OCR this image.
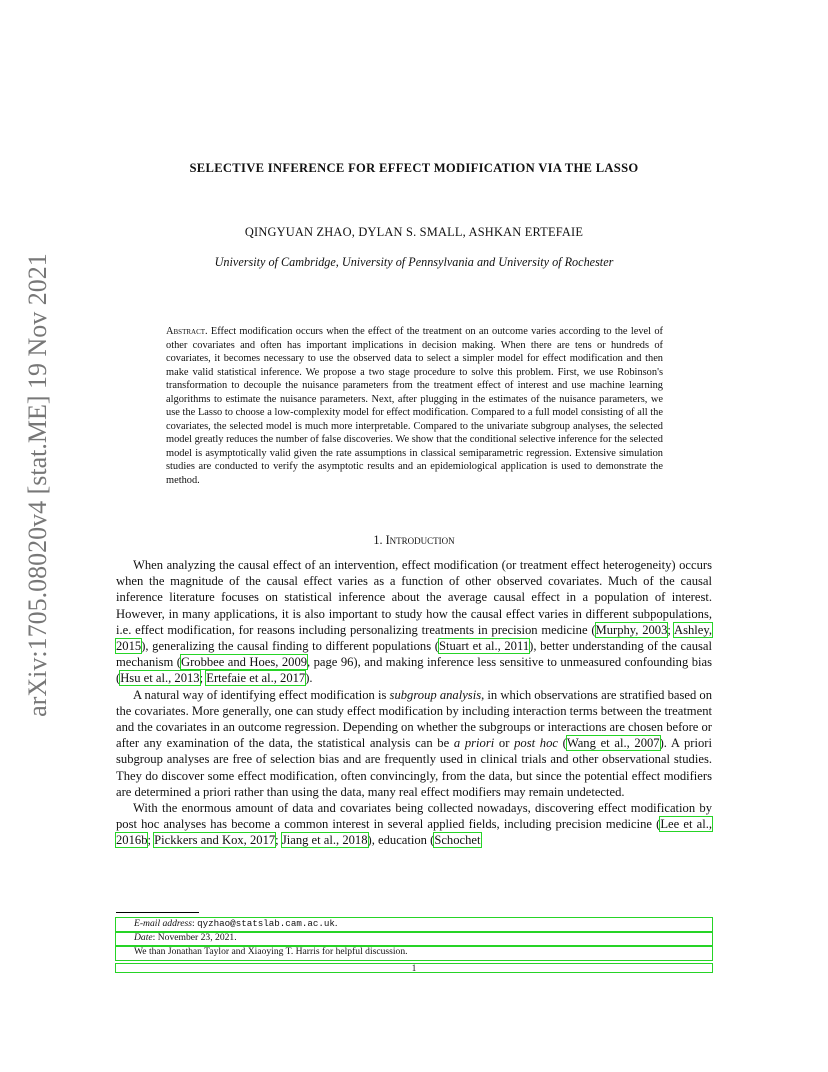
arXiv:1705.08020v4 [stat.ME] 19 Nov 2021
SELECTIVE INFERENCE FOR EFFECT MODIFICATION VIA THE LASSO
QINGYUAN ZHAO, DYLAN S. SMALL, ASHKAN ERTEFAIE
University of Cambridge, University of Pennsylvania and University of Rochester
Abstract. Effect modification occurs when the effect of the treatment on an outcome varies according to the level of other covariates and often has important implications in decision making. When there are tens or hundreds of covariates, it becomes necessary to use the observed data to select a simpler model for effect modification and then make valid statistical inference. We propose a two stage procedure to solve this problem. First, we use Robinson's transformation to decouple the nuisance parameters from the treatment effect of interest and use machine learning algorithms to estimate the nuisance parameters. Next, after plugging in the estimates of the nuisance parameters, we use the Lasso to choose a low-complexity model for effect modification. Compared to a full model consisting of all the covariates, the selected model is much more interpretable. Compared to the univariate subgroup analyses, the selected model greatly reduces the number of false discoveries. We show that the conditional selective inference for the selected model is asymptotically valid given the rate assumptions in classical semiparametric regression. Extensive simulation studies are conducted to verify the asymptotic results and an epidemiological application is used to demonstrate the method.
1. Introduction

When analyzing the causal effect of an intervention, effect modification (or treatment effect heterogeneity) occurs when the magnitude of the causal effect varies as a function of other observed covariates. Much of the causal inference literature focuses on statistical inference about the average causal effect in a population of interest. However, in many applications, it is also important to study how the causal effect varies in different subpopulations, i.e. effect modification, for reasons including personalizing treatments in precision medicine (Murphy, 2003; Ashley, 2015), generalizing the causal finding to different populations (Stuart et al., 2011), better understanding of the causal mechanism (Grobbee and Hoes, 2009, page 96), and making inference less sensitive to unmeasured confounding bias (Hsu et al., 2013; Ertefaie et al., 2017).

A natural way of identifying effect modification is subgroup analysis, in which observations are stratified based on the covariates. More generally, one can study effect modification by including interaction terms between the treatment and the covariates in an outcome regression. Depending on whether the subgroups or interactions are chosen before or after any examination of the data, the statistical analysis can be a priori or post hoc (Wang et al., 2007). A priori subgroup analyses are free of selection bias and are frequently used in clinical trials and other observational studies. They do discover some effect modification, often convincingly, from the data, but since the potential effect modifiers are determined a priori rather than using the data, many real effect modifiers may remain undetected.

With the enormous amount of data and covariates being collected nowadays, discovering effect modification by post hoc analyses has become a common interest in several applied fields, including precision medicine (Lee et al., 2016b; Pickkers and Kox, 2017; Jiang et al., 2018), education (Schochet

E-mail address: qyzhao@statslab.cam.ac.uk.
Date: November 23, 2021.
We than Jonathan Taylor and Xiaoying T. Harris for helpful discussion.
1
